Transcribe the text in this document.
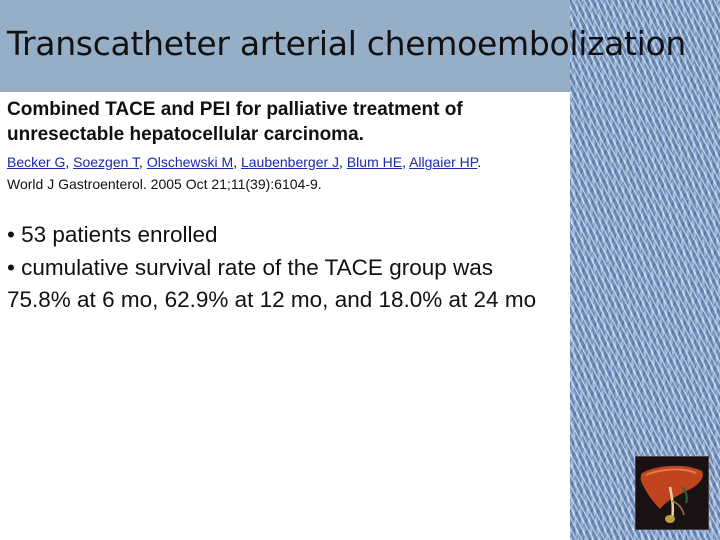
Transcatheter arterial chemoembolization

Combined TACE and PEI for palliative treatment of unresectable hepatocellular carcinoma.

Becker G, Soezgen T, Olschewski M, Laubenberger J, Blum HE, Allgaier HP.
World J Gastroenterol. 2005 Oct 21;11(39):6104-9.
• 53 patients enrolled
• cumulative survival rate of the TACE group was 75.8% at 6 mo, 62.9% at 12 mo, and 18.0% at 24 mo
